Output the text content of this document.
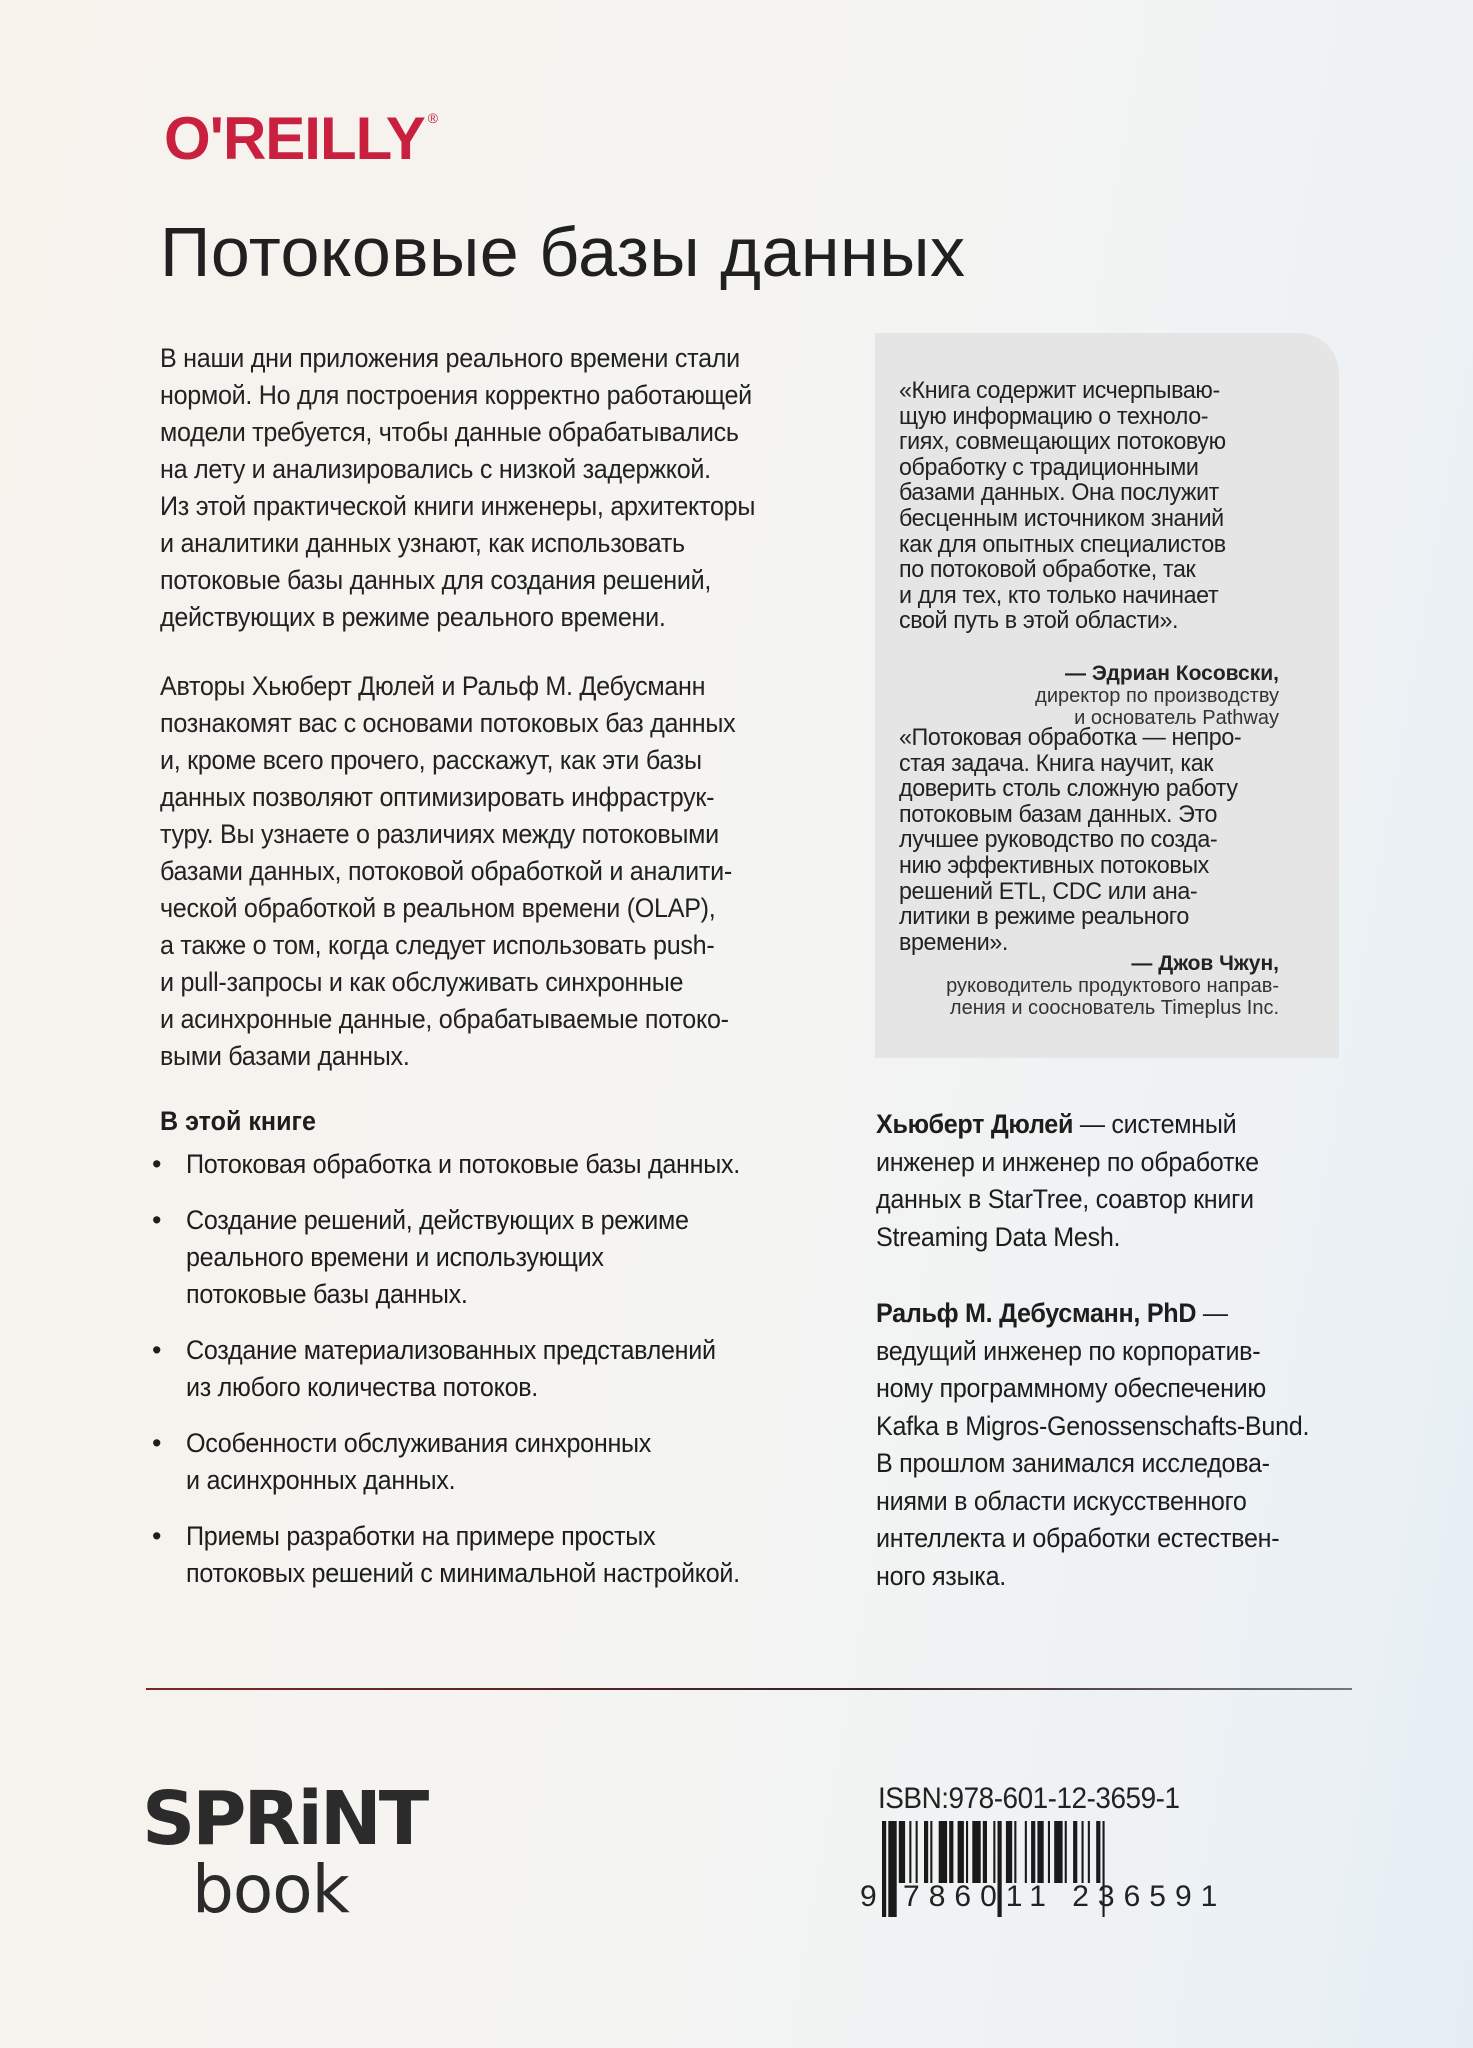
O'REILLY ®
Потоковые базы данных
В наши дни приложения реального времени стали
нормой. Но для построения корректно работающей
модели требуется, чтобы данные обрабатывались
на лету и анализировались с низкой задержкой.
Из этой практической книги инженеры, архитекторы
и аналитики данных узнают, как использовать
потоковые базы данных для создания решений,
действующих в режиме реального времени.
Авторы Хьюберт Дюлей и Ральф М. Дебусманн
познакомят вас с основами потоковых баз данных
и, кроме всего прочего, расскажут, как эти базы
данных позволяют оптимизировать инфраструк-
туру. Вы узнаете о различиях между потоковыми
базами данных, потоковой обработкой и аналити-
ческой обработкой в реальном времени (OLAP),
а также о том, когда следует использовать push-
и pull-запросы и как обслуживать синхронные
и асинхронные данные, обрабатываемые потоко-
выми базами данных.
«Книга содержит исчерпываю-
щую информацию о техноло-
гиях, совмещающих потоковую
обработку с традиционными
базами данных. Она послужит
бесценным источником знаний
как для опытных специалистов
по потоковой обработке, так
и для тех, кто только начинает
свой путь в этой области».
— Эдриан Косовски,
директор по производству
и основатель Pathway
«Потоковая обработка — непро-
стая задача. Книга научит, как
доверить столь сложную работу
потоковым базам данных. Это
лучшее руководство по созда-
нию эффективных потоковых
решений ETL, CDC или ана-
литики в режиме реального
времени».
— Джов Чжун,
руководитель продуктового направ-
ления и сооснователь Timeplus Inc.
В этой книге
• Потоковая обработка и потоковые базы данных.
• Создание решений, действующих в режиме
реального времени и использующих
потоковые базы данных.
• Создание материализованных представлений
из любого количества потоков.
• Особенности обслуживания синхронных
и асинхронных данных.
• Приемы разработки на примере простых
потоковых решений с минимальной настройкой.
Хьюберт Дюлей — системный
инженер и инженер по обработке
данных в StarTree, соавтор книги
Streaming Data Mesh.
Ральф М. Дебусманн, PhD —
ведущий инженер по корпоратив-
ному программному обеспечению
Kafka в Migros-Genossenschafts-Bund.
В прошлом занимался исследова-
ниями в области искусственного
интеллекта и обработки естествен-
ного языка.
SPRiNT
book
ISBN:978-601-12-3659-1
9 786011 236591
